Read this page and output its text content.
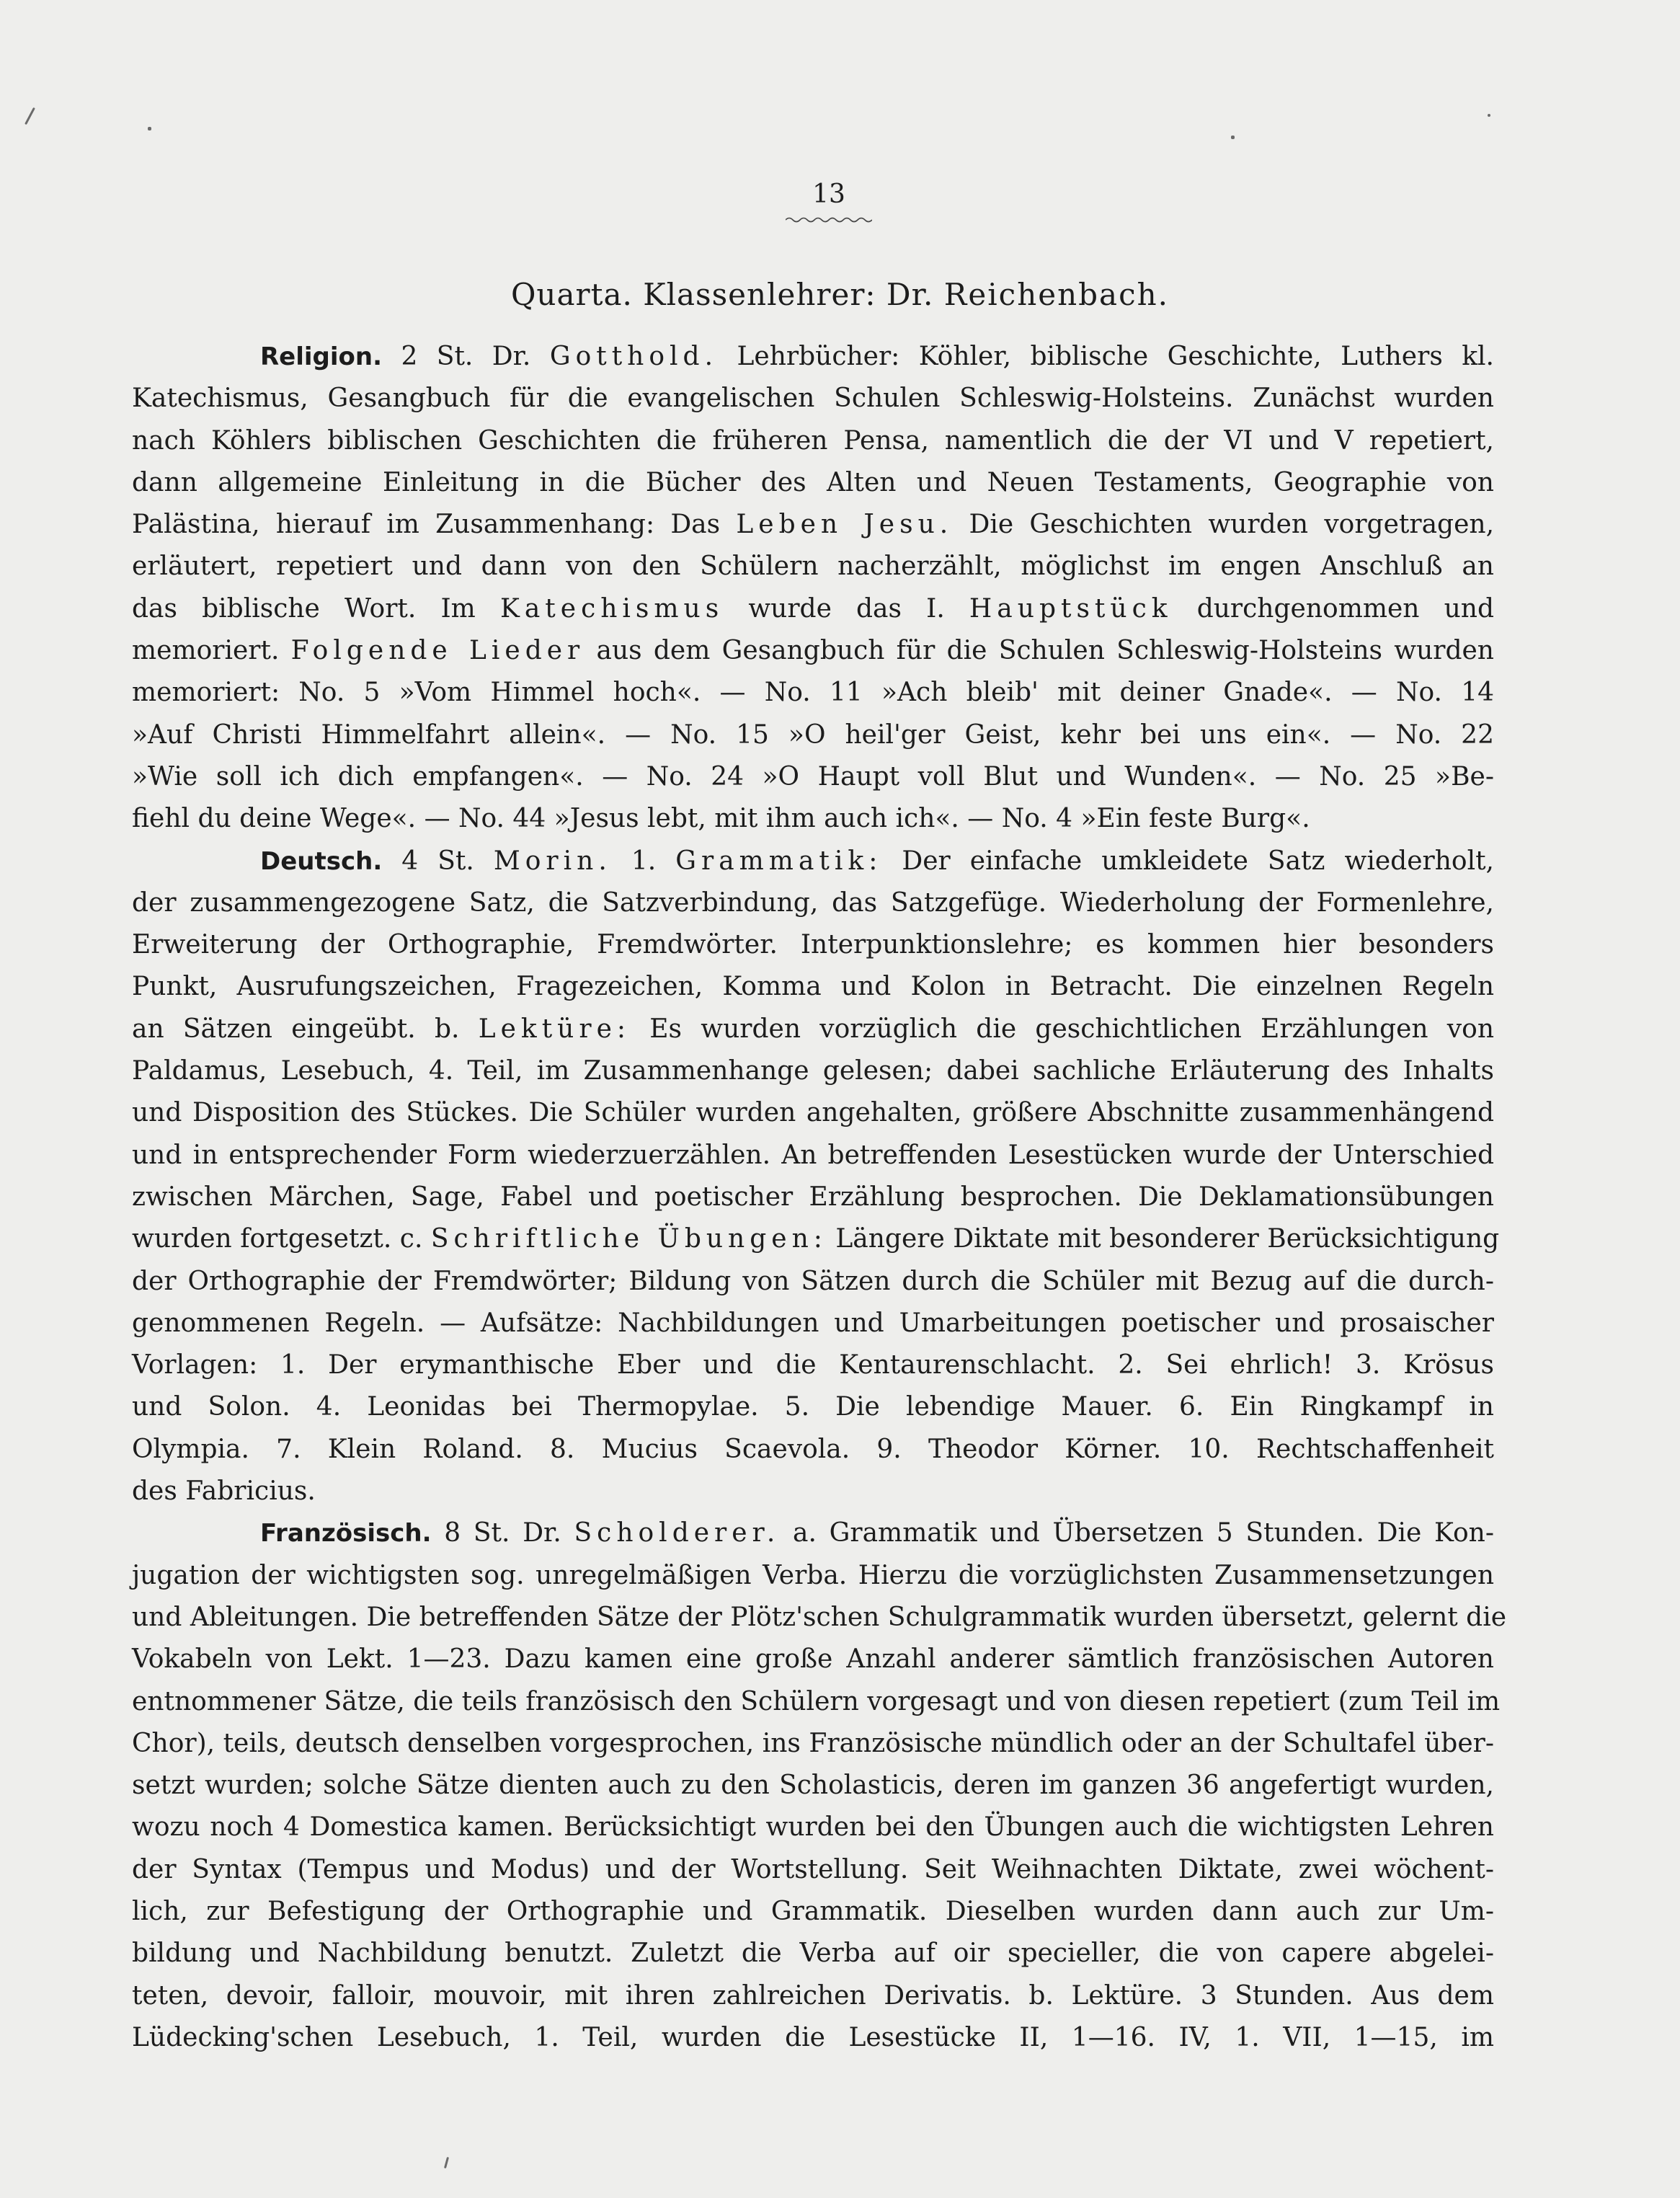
13
Quarta. Klassenlehrer: Dr. Reichenbach.
Religion. 2 St. Dr. Gotthold. Lehrbücher: Köhler, biblische Geschichte, Luthers kl.
Katechismus, Gesangbuch für die evangelischen Schulen Schleswig-Holsteins. Zunächst wurden
nach Köhlers biblischen Geschichten die früheren Pensa, namentlich die der VI und V repetiert,
dann allgemeine Einleitung in die Bücher des Alten und Neuen Testaments, Geographie von
Palästina, hierauf im Zusammenhang: Das Leben Jesu. Die Geschichten wurden vorgetragen,
erläutert, repetiert und dann von den Schülern nacherzählt, möglichst im engen Anschluß an
das biblische Wort. Im Katechismus wurde das I. Hauptstück durchgenommen und
memoriert. Folgende Lieder aus dem Gesangbuch für die Schulen Schleswig-Holsteins wurden
memoriert: No. 5 »Vom Himmel hoch«. — No. 11 »Ach bleib' mit deiner Gnade«. — No. 14
»Auf Christi Himmelfahrt allein«. — No. 15 »O heil'ger Geist, kehr bei uns ein«. — No. 22
»Wie soll ich dich empfangen«. — No. 24 »O Haupt voll Blut und Wunden«. — No. 25 »Be-
fiehl du deine Wege«. — No. 44 »Jesus lebt, mit ihm auch ich«. — No. 4 »Ein feste Burg«.
Deutsch. 4 St. Morin. 1. Grammatik: Der einfache umkleidete Satz wiederholt,
der zusammengezogene Satz, die Satzverbindung, das Satzgefüge. Wiederholung der Formenlehre,
Erweiterung der Orthographie, Fremdwörter. Interpunktionslehre; es kommen hier besonders
Punkt, Ausrufungszeichen, Fragezeichen, Komma und Kolon in Betracht. Die einzelnen Regeln
an Sätzen eingeübt. b. Lektüre: Es wurden vorzüglich die geschichtlichen Erzählungen von
Paldamus, Lesebuch, 4. Teil, im Zusammenhange gelesen; dabei sachliche Erläuterung des Inhalts
und Disposition des Stückes. Die Schüler wurden angehalten, größere Abschnitte zusammenhängend
und in entsprechender Form wiederzuerzählen. An betreffenden Lesestücken wurde der Unterschied
zwischen Märchen, Sage, Fabel und poetischer Erzählung besprochen. Die Deklamationsübungen
wurden fortgesetzt. c. Schriftliche Übungen: Längere Diktate mit besonderer Berücksichtigung
der Orthographie der Fremdwörter; Bildung von Sätzen durch die Schüler mit Bezug auf die durch-
genommenen Regeln. — Aufsätze: Nachbildungen und Umarbeitungen poetischer und prosaischer
Vorlagen: 1. Der erymanthische Eber und die Kentaurenschlacht. 2. Sei ehrlich! 3. Krösus
und Solon. 4. Leonidas bei Thermopylae. 5. Die lebendige Mauer. 6. Ein Ringkampf in
Olympia. 7. Klein Roland. 8. Mucius Scaevola. 9. Theodor Körner. 10. Rechtschaffenheit
des Fabricius.
Französisch. 8 St. Dr. Scholderer. a. Grammatik und Übersetzen 5 Stunden. Die Kon-
jugation der wichtigsten sog. unregelmäßigen Verba. Hierzu die vorzüglichsten Zusammensetzungen
und Ableitungen. Die betreffenden Sätze der Plötz'schen Schulgrammatik wurden übersetzt, gelernt die
Vokabeln von Lekt. 1—23. Dazu kamen eine große Anzahl anderer sämtlich französischen Autoren
entnommener Sätze, die teils französisch den Schülern vorgesagt und von diesen repetiert (zum Teil im
Chor), teils, deutsch denselben vorgesprochen, ins Französische mündlich oder an der Schultafel über-
setzt wurden; solche Sätze dienten auch zu den Scholasticis, deren im ganzen 36 angefertigt wurden,
wozu noch 4 Domestica kamen. Berücksichtigt wurden bei den Übungen auch die wichtigsten Lehren
der Syntax (Tempus und Modus) und der Wortstellung. Seit Weihnachten Diktate, zwei wöchent-
lich, zur Befestigung der Orthographie und Grammatik. Dieselben wurden dann auch zur Um-
bildung und Nachbildung benutzt. Zuletzt die Verba auf oir specieller, die von capere abgelei-
teten, devoir, falloir, mouvoir, mit ihren zahlreichen Derivatis. b. Lektüre. 3 Stunden. Aus dem
Lüdecking'schen Lesebuch, 1. Teil, wurden die Lesestücke II, 1—16. IV, 1. VII, 1—15, im
